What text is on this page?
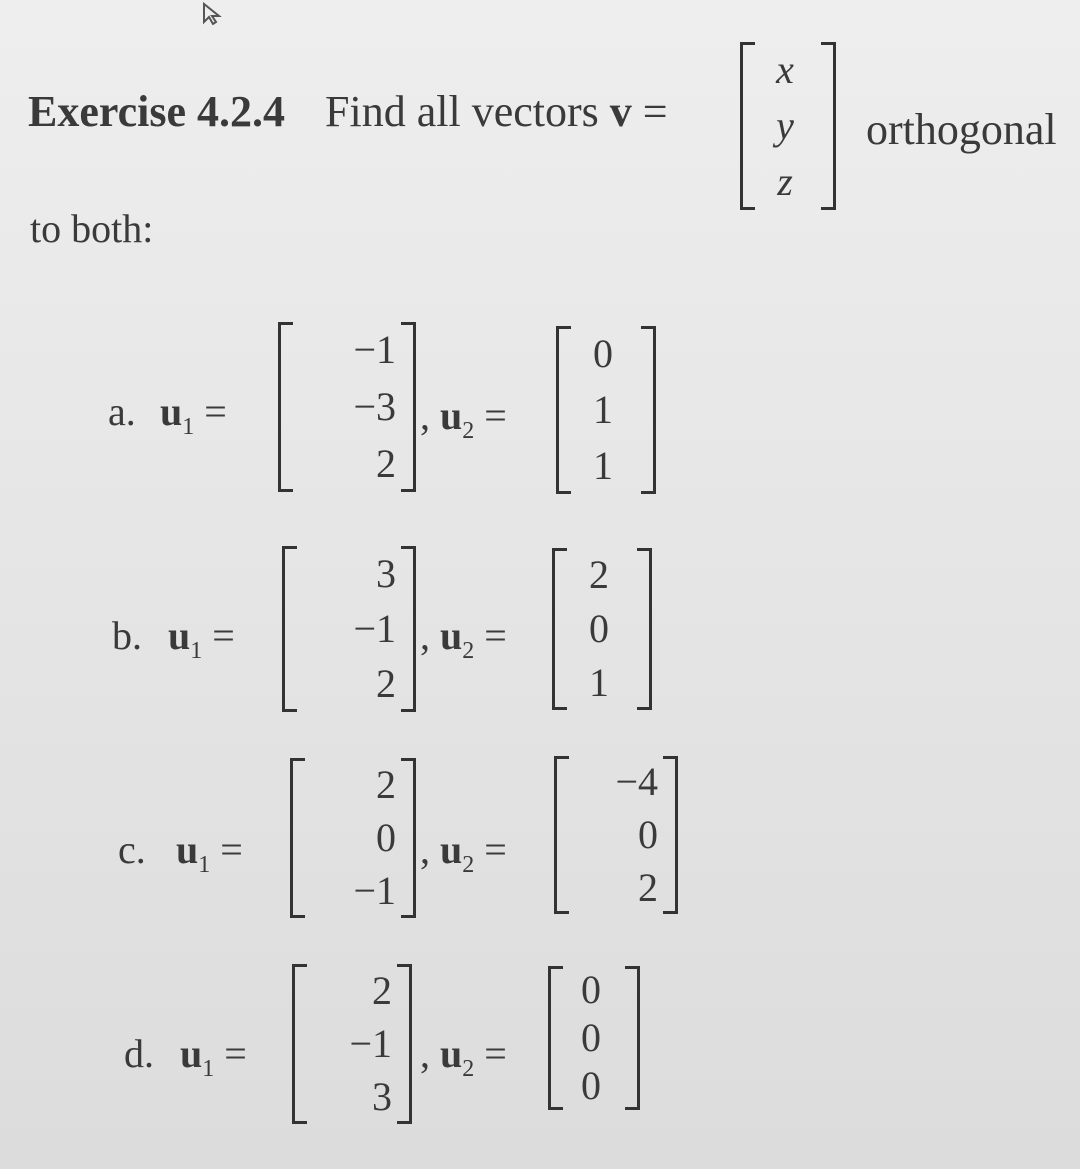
Exercise 4.2.4 Find all vectors v =
x
y
z
orthogonal
to both:
a. $u_1$ =
−1
−3
2
, $u_2$ =
0
1
1
b. $u_1$ =
3
−1
2
, $u_2$ =
2
0
1
c. $u_1$ =
2
0
−1
, $u_2$ =
−4
0
2
d. $u_1$ =
2
−1
3
, $u_2$ =
0
0
0
